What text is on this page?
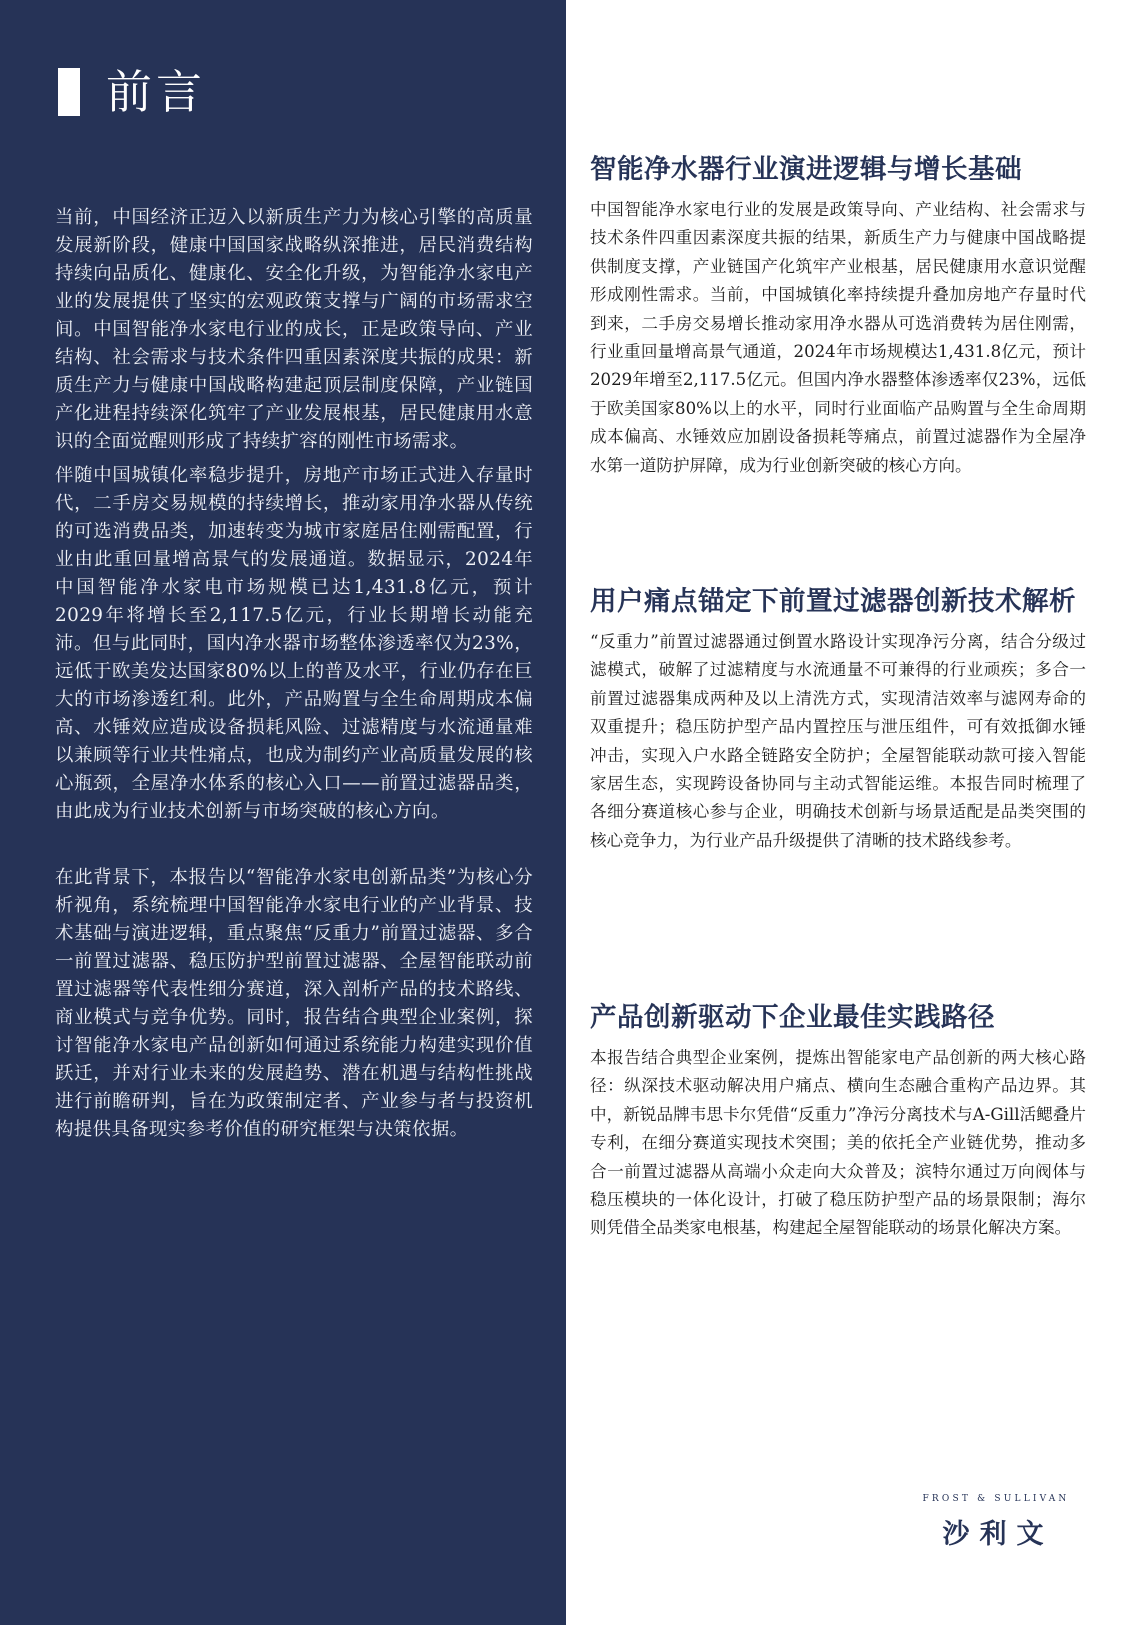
前言

当前，中国经济正迈入以新质生产力为核心引擎的高质量发展新阶段，健康中国国家战略纵深推进，居民消费结构持续向品质化、健康化、安全化升级，为智能净水家电产业的发展提供了坚实的宏观政策支撑与广阔的市场需求空间。中国智能净水家电行业的成长，正是政策导向、产业结构、社会需求与技术条件四重因素深度共振的成果：新质生产力与健康中国战略构建起顶层制度保障，产业链国产化进程持续深化筑牢了产业发展根基，居民健康用水意识的全面觉醒则形成了持续扩容的刚性市场需求。

伴随中国城镇化率稳步提升，房地产市场正式进入存量时代，二手房交易规模的持续增长，推动家用净水器从传统的可选消费品类，加速转变为城市家庭居住刚需配置，行业由此重回量增高景气的发展通道。数据显示，2024年中国智能净水家电市场规模已达1,431.8亿元，预计2029年将增长至2,117.5亿元，行业长期增长动能充沛。但与此同时，国内净水器市场整体渗透率仅为23%，远低于欧美发达国家80%以上的普及水平，行业仍存在巨大的市场渗透红利。此外，产品购置与全生命周期成本偏高、水锤效应造成设备损耗风险、过滤精度与水流通量难以兼顾等行业共性痛点，也成为制约产业高质量发展的核心瓶颈，全屋净水体系的核心入口——前置过滤器品类，由此成为行业技术创新与市场突破的核心方向。

在此背景下，本报告以“智能净水家电创新品类”为核心分析视角，系统梳理中国智能净水家电行业的产业背景、技术基础与演进逻辑，重点聚焦“反重力”前置过滤器、多合一前置过滤器、稳压防护型前置过滤器、全屋智能联动前置过滤器等代表性细分赛道，深入剖析产品的技术路线、商业模式与竞争优势。同时，报告结合典型企业案例，探讨智能净水家电产品创新如何通过系统能力构建实现价值跃迁，并对行业未来的发展趋势、潜在机遇与结构性挑战进行前瞻研判，旨在为政策制定者、产业参与者与投资机构提供具备现实参考价值的研究框架与决策依据。

智能净水器行业演进逻辑与增长基础

中国智能净水家电行业的发展是政策导向、产业结构、社会需求与技术条件四重因素深度共振的结果，新质生产力与健康中国战略提供制度支撑，产业链国产化筑牢产业根基，居民健康用水意识觉醒形成刚性需求。当前，中国城镇化率持续提升叠加房地产存量时代到来，二手房交易增长推动家用净水器从可选消费转为居住刚需，行业重回量增高景气通道，2024年市场规模达1,431.8亿元，预计2029年增至2,117.5亿元。但国内净水器整体渗透率仅23%，远低于欧美国家80%以上的水平，同时行业面临产品购置与全生命周期成本偏高、水锤效应加剧设备损耗等痛点，前置过滤器作为全屋净水第一道防护屏障，成为行业创新突破的核心方向。

用户痛点锚定下前置过滤器创新技术解析

“反重力”前置过滤器通过倒置水路设计实现净污分离，结合分级过滤模式，破解了过滤精度与水流通量不可兼得的行业顽疾；多合一前置过滤器集成两种及以上清洗方式，实现清洁效率与滤网寿命的双重提升；稳压防护型产品内置控压与泄压组件，可有效抵御水锤冲击，实现入户水路全链路安全防护；全屋智能联动款可接入智能家居生态，实现跨设备协同与主动式智能运维。本报告同时梳理了各细分赛道核心参与企业，明确技术创新与场景适配是品类突围的核心竞争力，为行业产品升级提供了清晰的技术路线参考。

产品创新驱动下企业最佳实践路径

本报告结合典型企业案例，提炼出智能家电产品创新的两大核心路径：纵深技术驱动解决用户痛点、横向生态融合重构产品边界。其中，新锐品牌韦思卡尔凭借“反重力”净污分离技术与A-Gill活鳃叠片专利，在细分赛道实现技术突围；美的依托全产业链优势，推动多合一前置过滤器从高端小众走向大众普及；滨特尔通过万向阀体与稳压模块的一体化设计，打破了稳压防护型产品的场景限制；海尔则凭借全品类家电根基，构建起全屋智能联动的场景化解决方案。

FROST & SULLIVAN
沙利文
